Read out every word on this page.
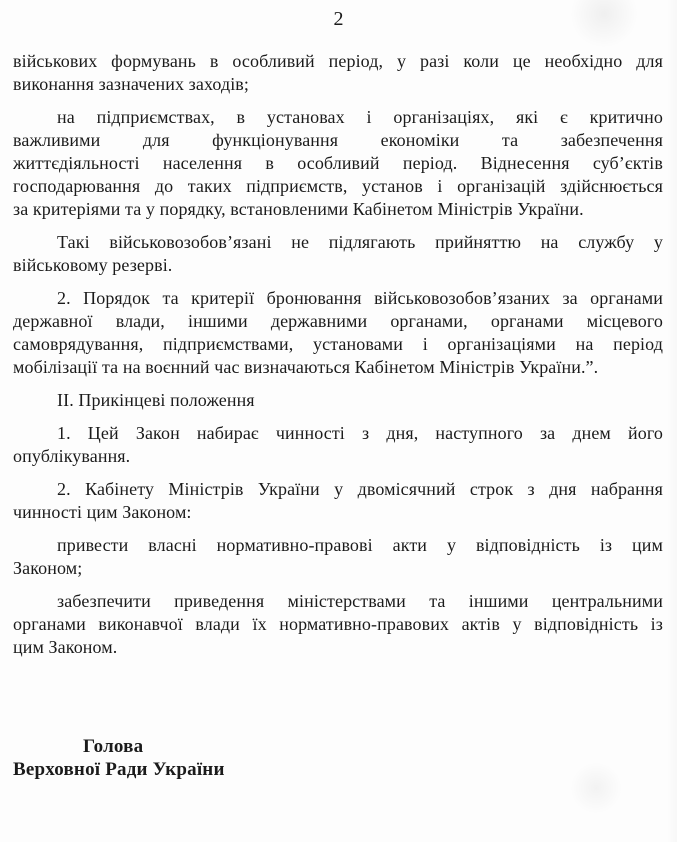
2

військових формувань в особливий період, у разі коли це необхідно для
виконання зазначених заходів;

на підприємствах, в установах і організаціях, які є критично
важливими для функціонування економіки та забезпечення
життєдіяльності населення в особливий період. Віднесення суб’єктів
господарювання до таких підприємств, установ і організацій здійснюється
за критеріями та у порядку, встановленими Кабінетом Міністрів України.

Такі військовозобов’язані не підлягають прийняттю на службу у
військовому резерві.

2. Порядок та критерії бронювання військовозобов’язаних за органами
державної влади, іншими державними органами, органами місцевого
самоврядування, підприємствами, установами і організаціями на період
мобілізації та на воєнний час визначаються Кабінетом Міністрів України.”.

ІІ. Прикінцеві положення

1. Цей Закон набирає чинності з дня, наступного за днем його
опублікування.

2. Кабінету Міністрів України у двомісячний строк з дня набрання
чинності цим Законом:

привести власні нормативно-правові акти у відповідність із цим
Законом;

забезпечити приведення міністерствами та іншими центральними
органами виконавчої влади їх нормативно-правових актів у відповідність із
цим Законом.

Голова
Верховної Ради України
